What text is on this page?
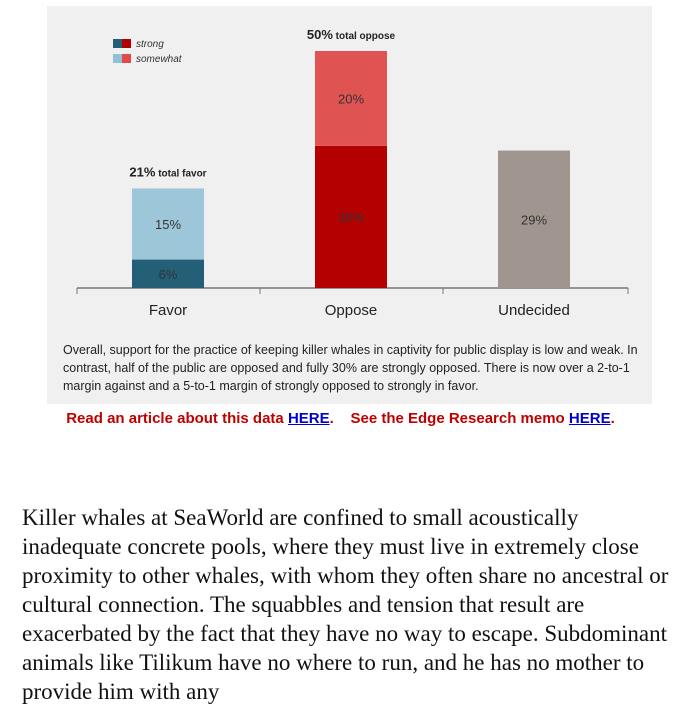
6%
15%
Favor
21% total favor
30%
20%
Oppose
50% total oppose
29%
Undecided
strong
somewhat
Overall, support for the practice of keeping killer whales in captivity for public display is low and weak. In contrast, half of the public are opposed and fully 30% are strongly opposed. There is now over a 2-to-1 margin against and a 5-to-1 margin of strongly opposed to strongly in favor.
Read an article about this data HERE. See the Edge Research memo HERE.

Killer whales at SeaWorld are confined to small acoustically inadequate concrete pools, where they must live in extremely close proximity to other whales, with whom they often share no ancestral or cultural connection. The squabbles and tension that result are exacerbated by the fact that they have no way to escape. Subdominant animals like Tilikum have no where to run, and he has no mother to provide him with any
